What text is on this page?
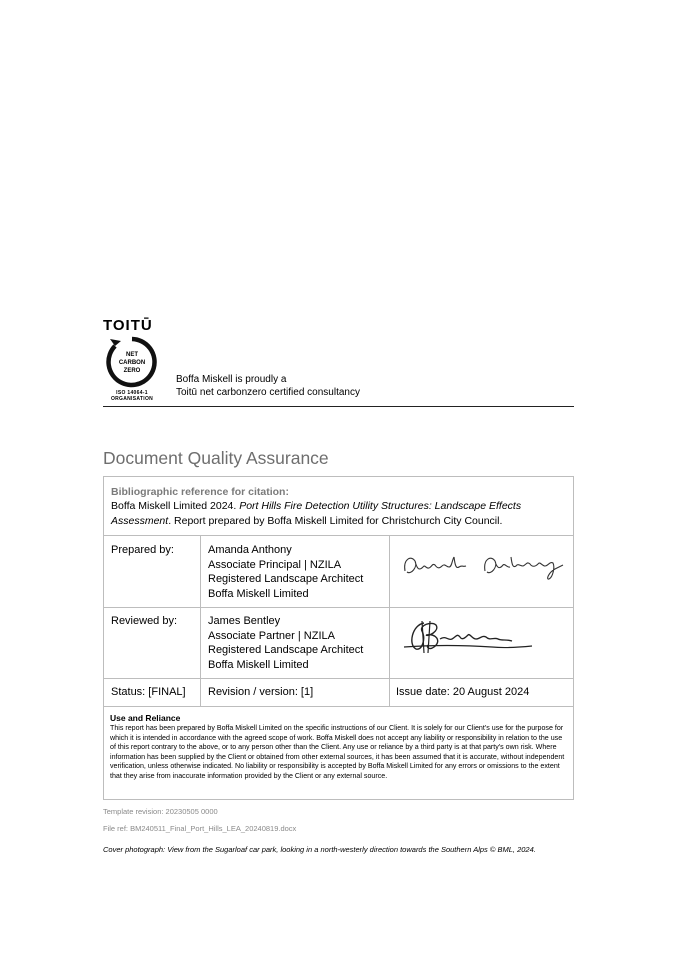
TOITŪ
NET
CARBON
ZERO
ISO 14064-1
ORGANISATION
Boffa Miskell is proudly a
Toitū net carbonzero certified consultancy
Document Quality Assurance
Bibliographic reference for citation:
Boffa Miskell Limited 2024. Port Hills Fire Detection Utility Structures: Landscape Effects Assessment. Report prepared by Boffa Miskell Limited for Christchurch City Council.
Prepared by:	Amanda Anthony
Associate Principal | NZILA
Registered Landscape Architect
Boffa Miskell Limited
Reviewed by:	James Bentley
Associate Partner | NZILA
Registered Landscape Architect
Boffa Miskell Limited
Status: [FINAL] Revision / version: [1]	Issue date: 20 August 2024
Use and Reliance
This report has been prepared by Boffa Miskell Limited on the specific instructions of our Client. It is solely for our Client’s use for the purpose for which it is intended in accordance with the agreed scope of work. Boffa Miskell does not accept any liability or responsibility in relation to the use of this report contrary to the above, or to any person other than the Client. Any use or reliance by a third party is at that party's own risk. Where information has been supplied by the Client or obtained from other external sources, it has been assumed that it is accurate, without independent verification, unless otherwise indicated. No liability or responsibility is accepted by Boffa Miskell Limited for any errors or omissions to the extent that they arise from inaccurate information provided by the Client or any external source.
Template revision: 20230505 0000
File ref: BM240511_Final_Port_Hills_LEA_20240819.docx
Cover photograph: View from the Sugarloaf car park, looking in a north-westerly direction towards the Southern Alps © BML, 2024.
